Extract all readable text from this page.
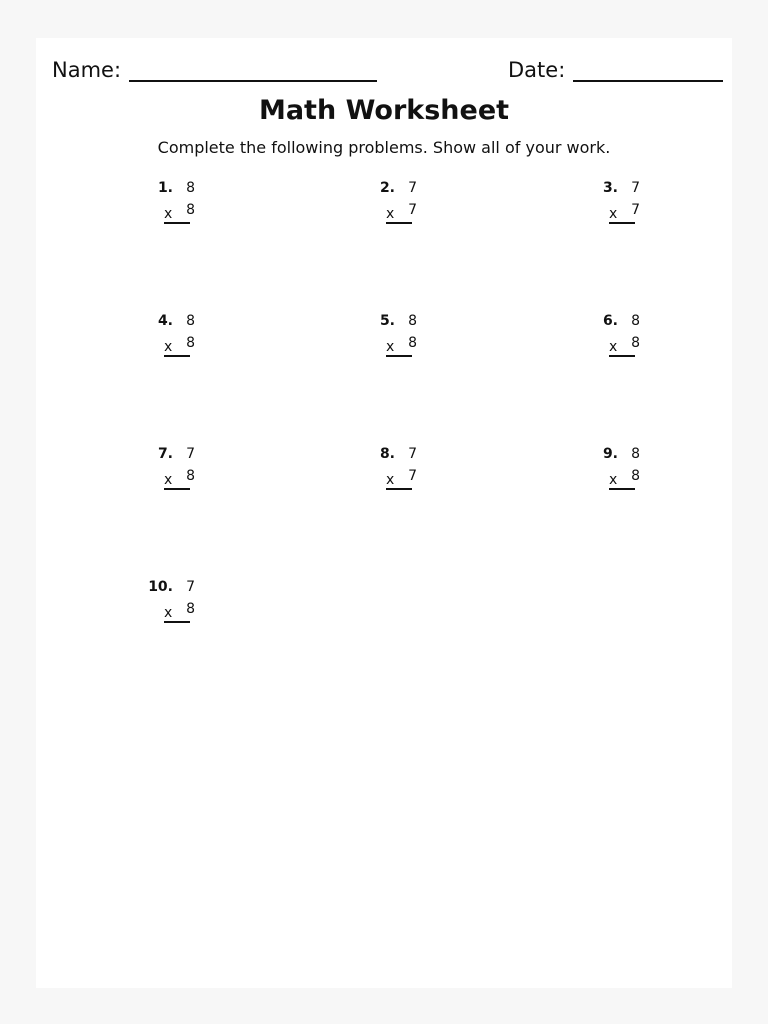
Name:	Date:
Math Worksheet
Complete the following problems. Show all of your work.
1. 8
x 8
2. 7
x 7
3. 7
x 7
4. 8
x 8
5. 8
x 8
6. 8
x 8
7. 7
x 8
8. 7
x 7
9. 8
x 8
10. 7
x 8
